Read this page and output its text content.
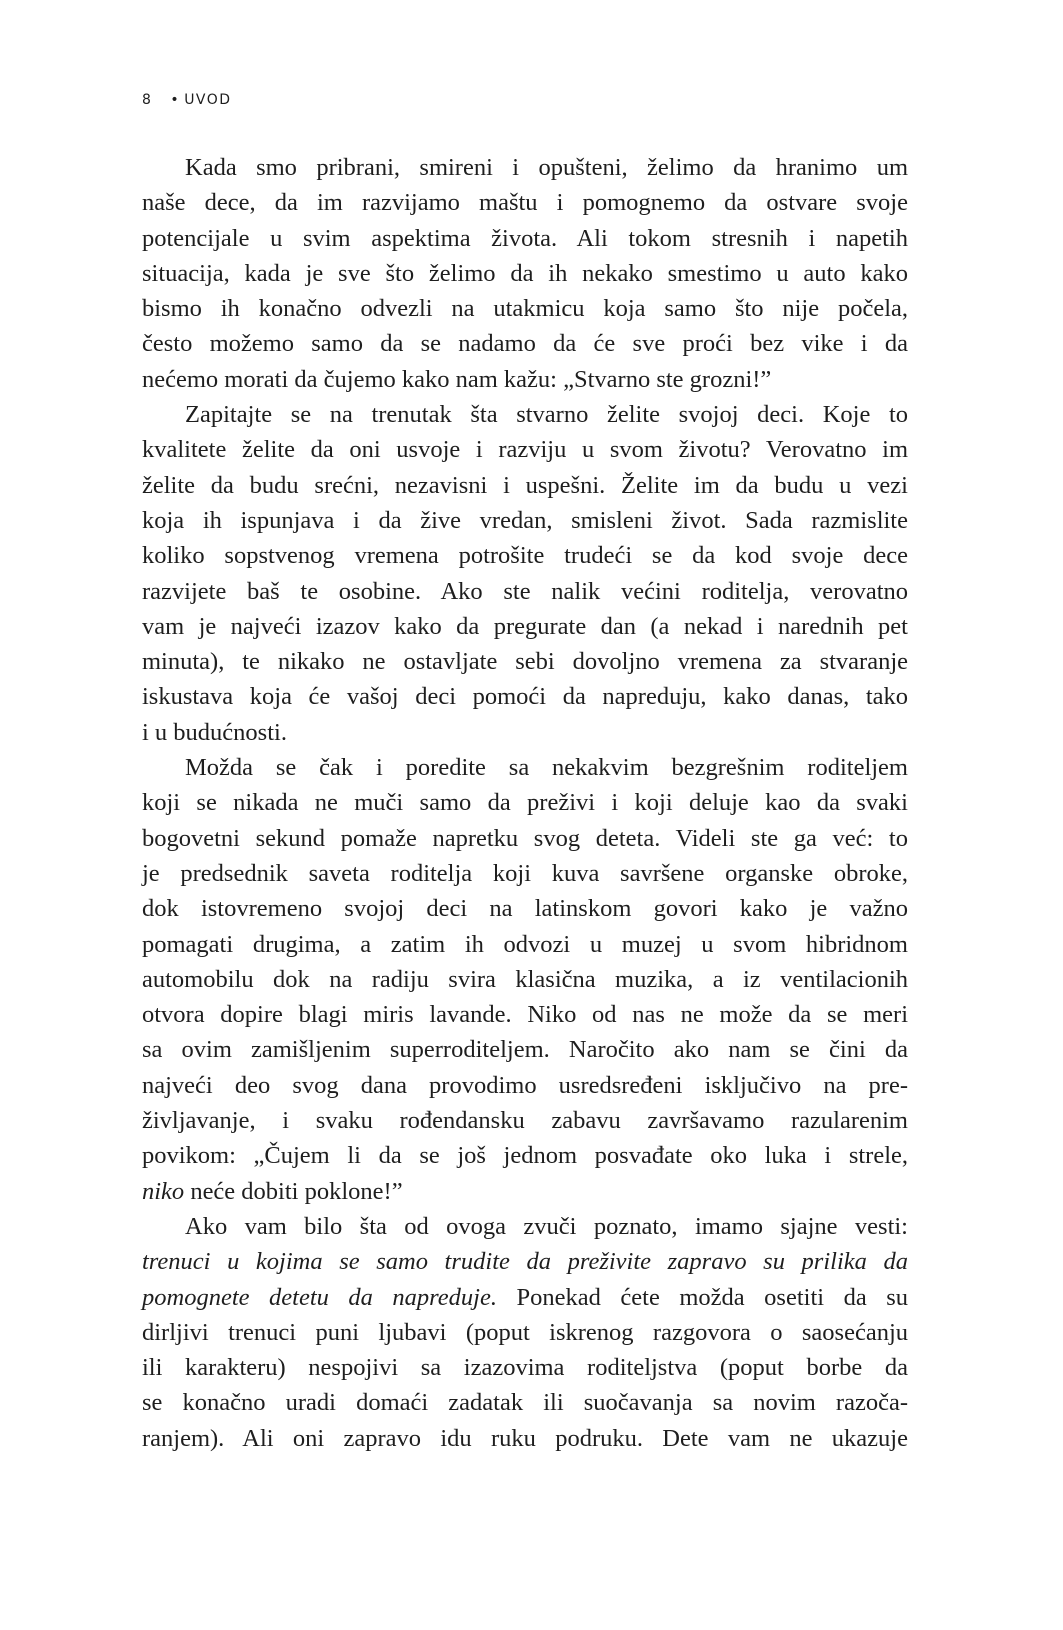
8 • UVOD
Kada smo pribrani, smireni i opušteni, želimo da hranimo um
naše dece, da im razvijamo maštu i pomognemo da ostvare svoje
potencijale u svim aspektima života. Ali tokom stresnih i napetih
situacija, kada je sve što želimo da ih nekako smestimo u auto kako
bismo ih konačno odvezli na utakmicu koja samo što nije počela,
često možemo samo da se nadamo da će sve proći bez vike i da
nećemo morati da čujemo kako nam kažu: „Stvarno ste grozni!”
Zapitajte se na trenutak šta stvarno želite svojoj deci. Koje to
kvalitete želite da oni usvoje i razviju u svom životu? Verovatno im
želite da budu srećni, nezavisni i uspešni. Želite im da budu u vezi
koja ih ispunjava i da žive vredan, smisleni život. Sada razmislite
koliko sopstvenog vremena potrošite trudeći se da kod svoje dece
razvijete baš te osobine. Ako ste nalik većini roditelja, verovatno
vam je najveći izazov kako da pregurate dan (a nekad i narednih pet
minuta), te nikako ne ostavljate sebi dovoljno vremena za stvaranje
iskustava koja će vašoj deci pomoći da napreduju, kako danas, tako
i u budućnosti.
Možda se čak i poredite sa nekakvim bezgrešnim roditeljem
koji se nikada ne muči samo da preživi i koji deluje kao da svaki
bogovetni sekund pomaže napretku svog deteta. Videli ste ga već: to
je predsednik saveta roditelja koji kuva savršene organske obroke,
dok istovremeno svojoj deci na latinskom govori kako je važno
pomagati drugima, a zatim ih odvozi u muzej u svom hibridnom
automobilu dok na radiju svira klasična muzika, a iz ventilacionih
otvora dopire blagi miris lavande. Niko od nas ne može da se meri
sa ovim zamišljenim superroditeljem. Naročito ako nam se čini da
najveći deo svog dana provodimo usredsređeni isključivo na pre-
življavanje, i svaku rođendansku zabavu završavamo razularenim
povikom: „Čujem li da se još jednom posvađate oko luka i strele,
niko neće dobiti poklone!”
Ako vam bilo šta od ovoga zvuči poznato, imamo sjajne vesti:
trenuci u kojima se samo trudite da preživite zapravo su prilika da
pomognete detetu da napreduje. Ponekad ćete možda osetiti da su
dirljivi trenuci puni ljubavi (poput iskrenog razgovora o saosećanju
ili karakteru) nespojivi sa izazovima roditeljstva (poput borbe da
se konačno uradi domaći zadatak ili suočavanja sa novim razoča-
ranjem). Ali oni zapravo idu ruku podruku. Dete vam ne ukazuje
